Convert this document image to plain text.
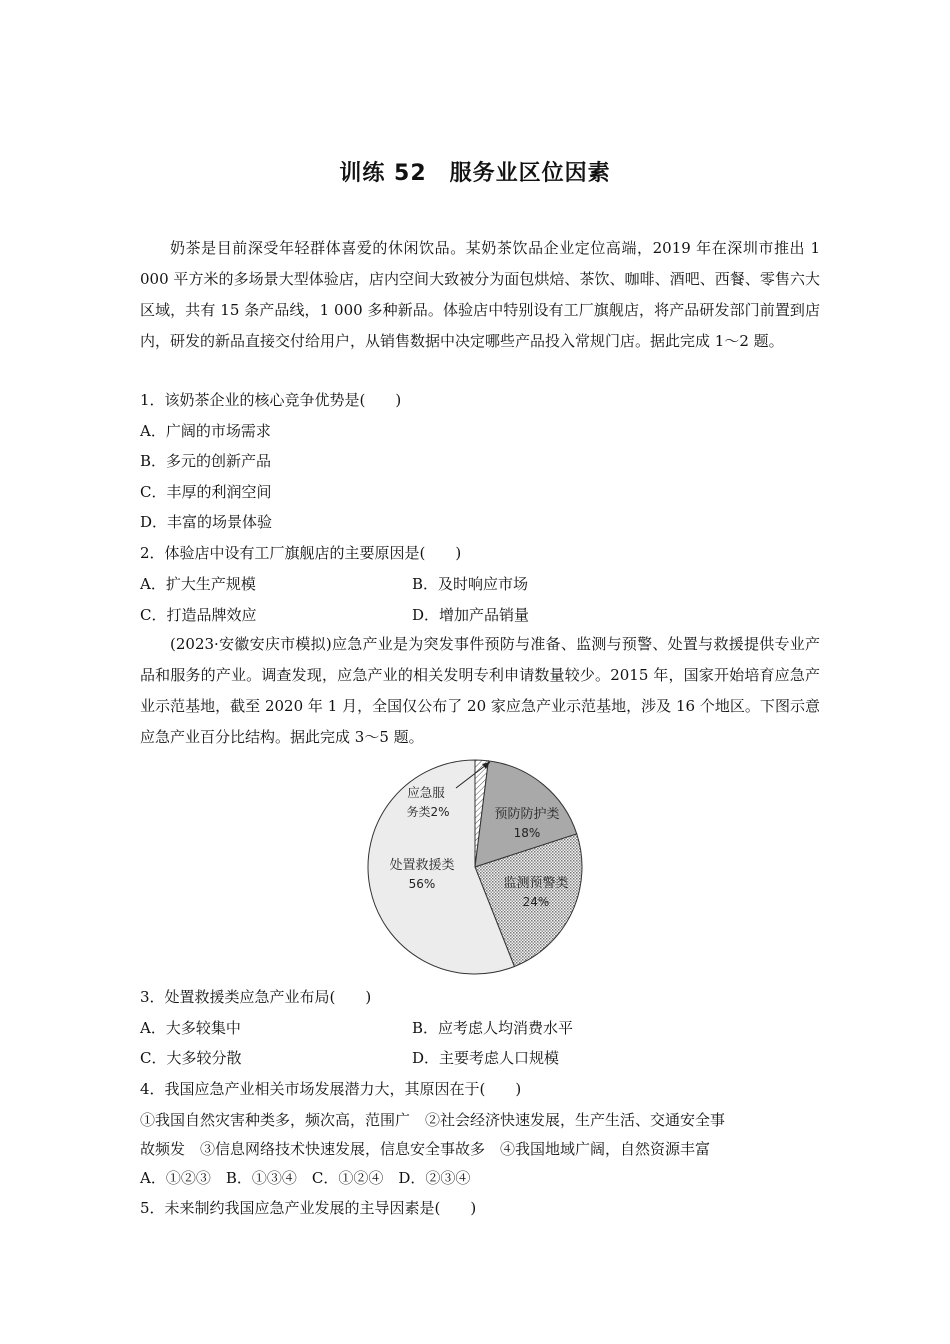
训练 52　服务业区位因素

奶茶是目前深受年轻群体喜爱的休闲饮品。某奶茶饮品企业定位高端，2019 年在深圳市推出 1 000 平方米的多场景大型体验店，店内空间大致被分为面包烘焙、茶饮、咖啡、酒吧、西餐、零售六大区域，共有 15 条产品线，1 000 多种新品。体验店中特别设有工厂旗舰店，将产品研发部门前置到店内，研发的新品直接交付给用户，从销售数据中决定哪些产品投入常规门店。据此完成 1～2 题。

1．该奶茶企业的核心竞争优势是(　　)
A．广阔的市场需求
B．多元的创新产品
C．丰厚的利润空间
D．丰富的场景体验
2．体验店中设有工厂旗舰店的主要原因是(　　)
A．扩大生产规模	B．及时响应市场
C．打造品牌效应	D．增加产品销量

(2023·安徽安庆市模拟)应急产业是为突发事件预防与准备、监测与预警、处置与救援提供专业产品和服务的产业。调查发现，应急产业的相关发明专利申请数量较少。2015 年，国家开始培育应急产业示范基地，截至 2020 年 1 月，全国仅公布了 20 家应急产业示范基地，涉及 16 个地区。下图示意应急产业百分比结构。据此完成 3～5 题。

应急服
务类2%	预防防护类
18%
监测预警类
24%
处置救援类
56%
3．处置救援类应急产业布局(　　)
A．大多较集中	B．应考虑人均消费水平
C．大多较分散	D．主要考虑人口规模
4．我国应急产业相关市场发展潜力大，其原因在于(　　)
①我国自然灾害种类多，频次高，范围广　②社会经济快速发展，生产生活、交通安全事
故频发　③信息网络技术快速发展，信息安全事故多　④我国地域广阔，自然资源丰富
A．①②③　B．①③④　C．①②④　D．②③④
5．未来制约我国应急产业发展的主导因素是(　　)
